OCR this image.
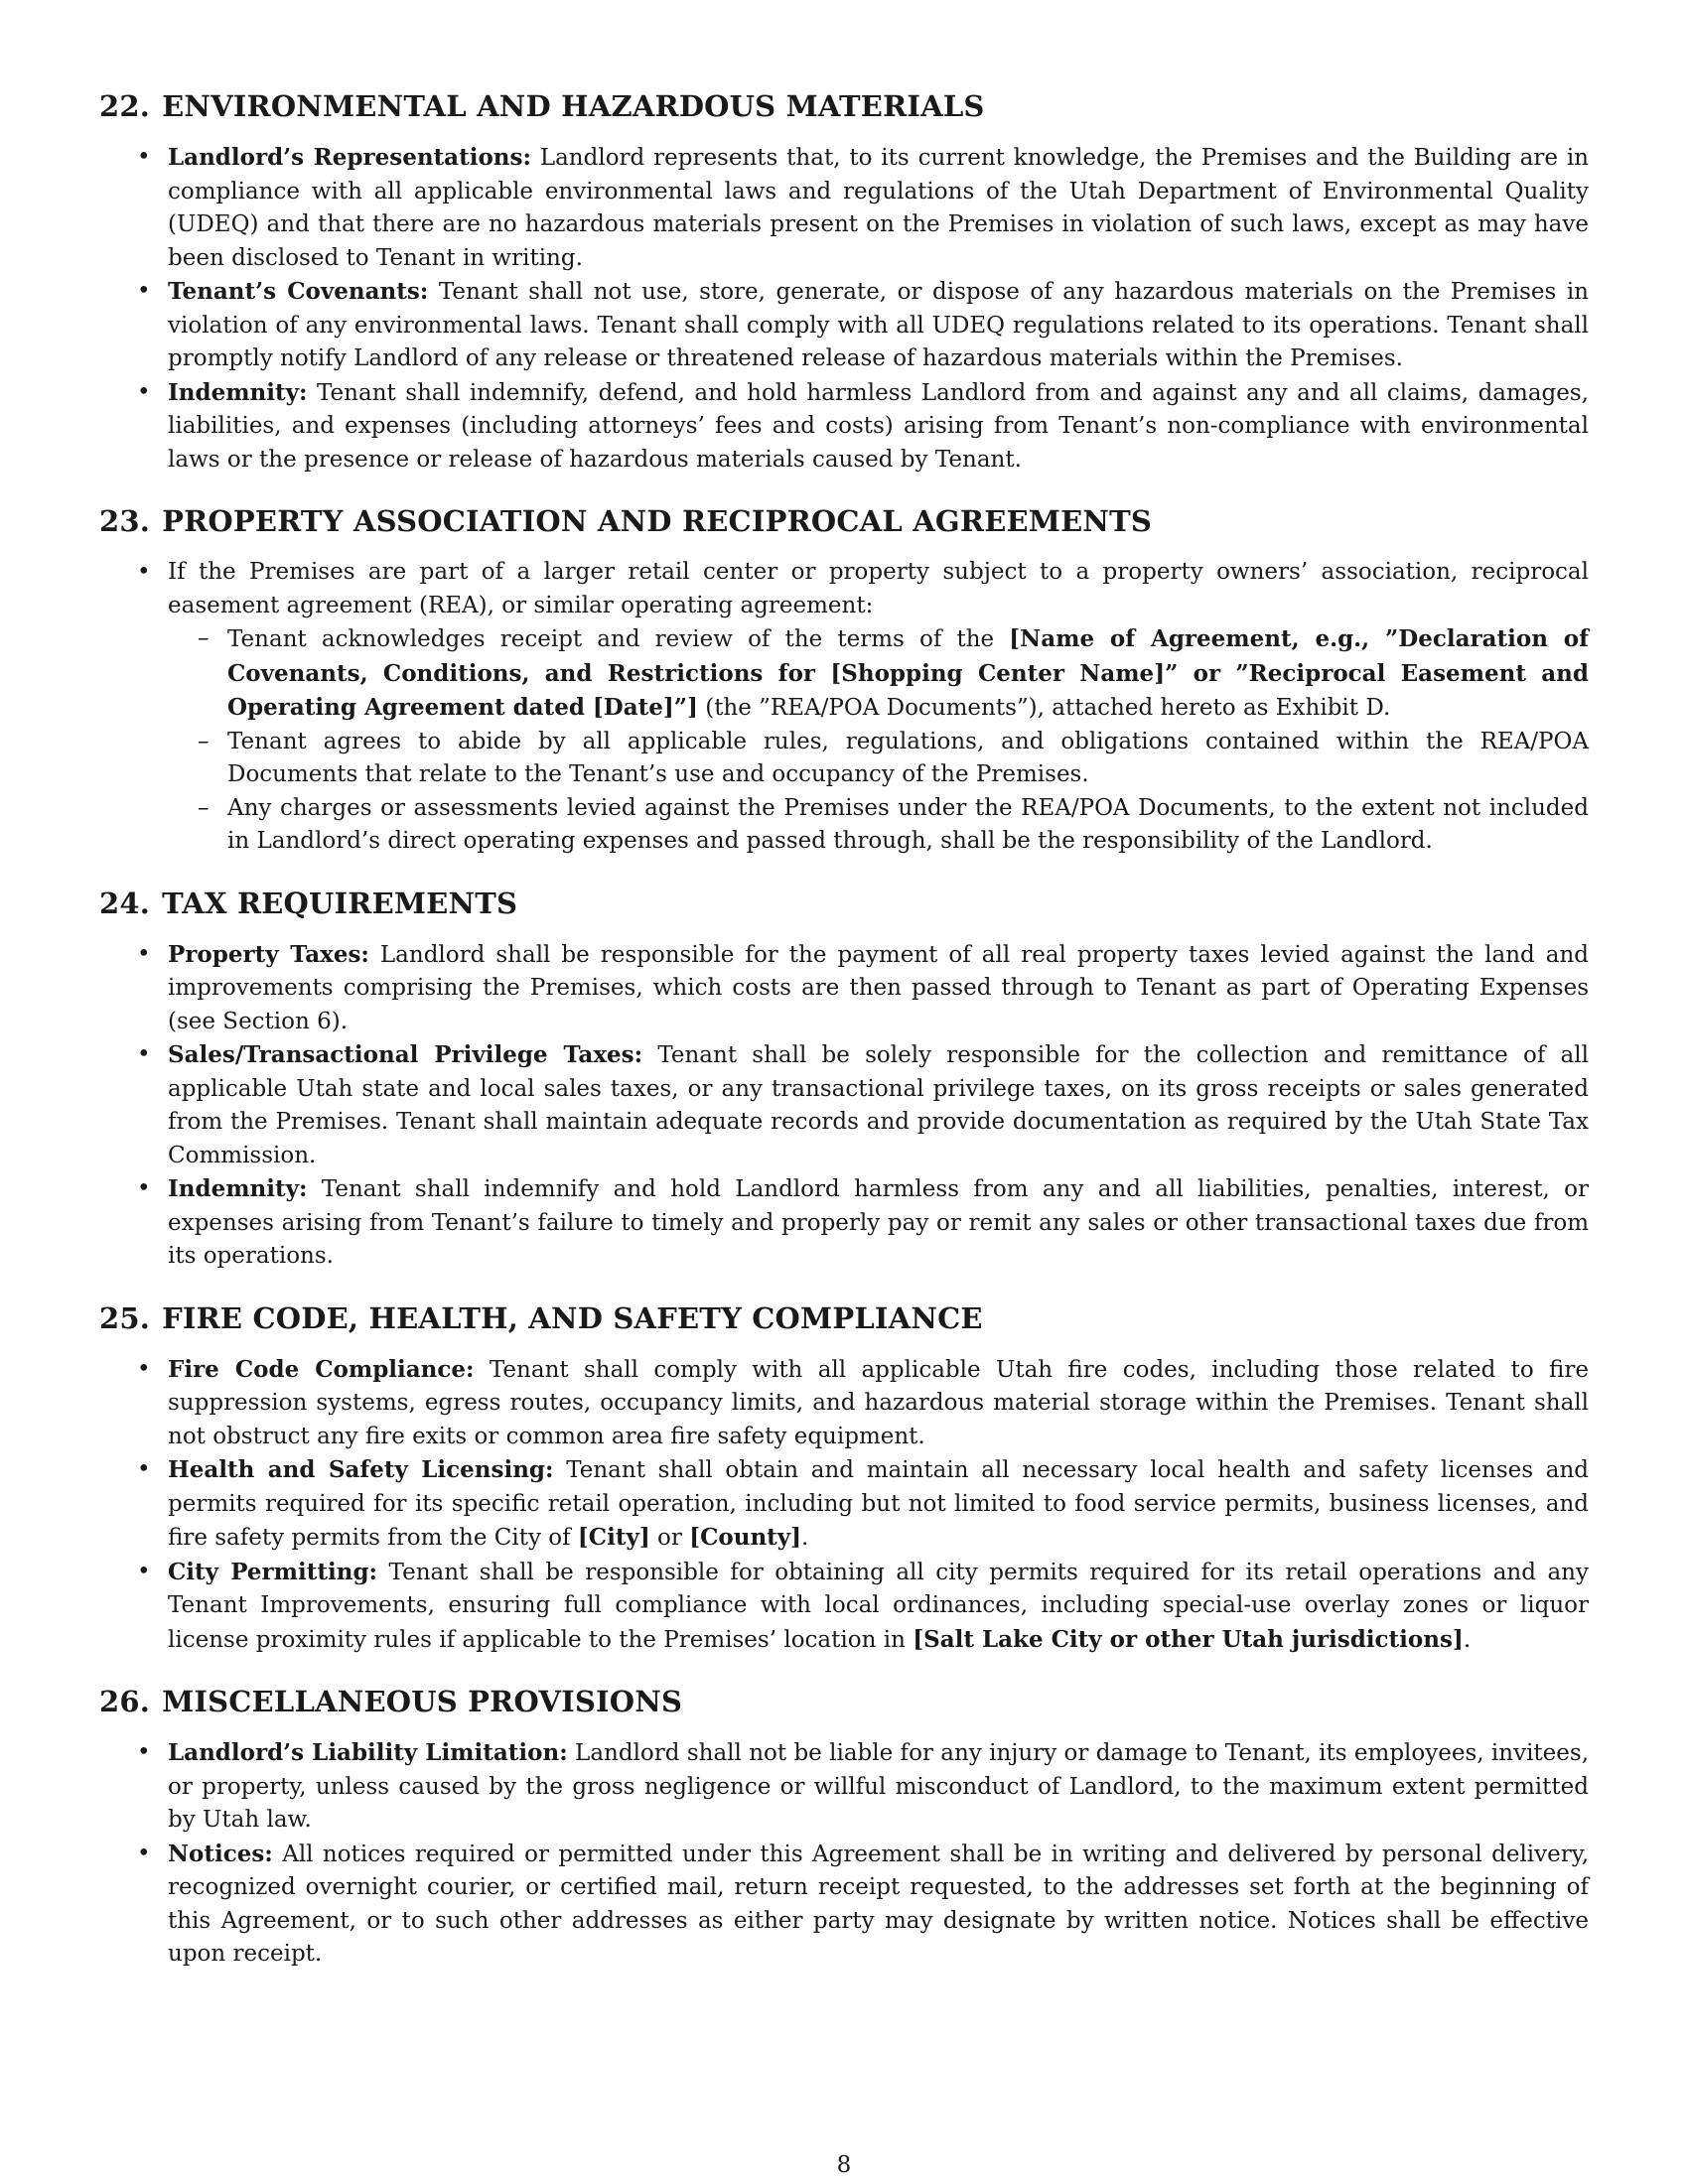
22. ENVIRONMENTAL AND HAZARDOUS MATERIALS
• Landlord’s Representations: Landlord represents that, to its current knowledge, the Premises and the Building are in compliance with all applicable environmental laws and regulations of the Utah Department of Environmental Quality (UDEQ) and that there are no hazardous materials present on the Premises in violation of such laws, except as may have been disclosed to Tenant in writing.
• Tenant’s Covenants: Tenant shall not use, store, generate, or dispose of any hazardous materials on the Premises in violation of any environmental laws. Tenant shall comply with all UDEQ regulations related to its operations. Tenant shall promptly notify Landlord of any release or threatened release of hazardous materials within the Premises.
• Indemnity: Tenant shall indemnify, defend, and hold harmless Landlord from and against any and all claims, damages, liabilities, and expenses (including attorneys’ fees and costs) arising from Tenant’s non-compliance with environmental laws or the presence or release of hazardous materials caused by Tenant.
23. PROPERTY ASSOCIATION AND RECIPROCAL AGREEMENTS
• If the Premises are part of a larger retail center or property subject to a property owners’ association, reciprocal easement agreement (REA), or similar operating agreement:
– Tenant acknowledges receipt and review of the terms of the [Name of Agreement, e.g., ”Declaration of Covenants, Conditions, and Restrictions for [Shopping Center Name]” or ”Reciprocal Easement and Operating Agreement dated [Date]”] (the ”REA/POA Documents”), attached hereto as Exhibit D.
– Tenant agrees to abide by all applicable rules, regulations, and obligations contained within the REA/POA Documents that relate to the Tenant’s use and occupancy of the Premises.
– Any charges or assessments levied against the Premises under the REA/POA Documents, to the extent not included in Landlord’s direct operating expenses and passed through, shall be the responsibility of the Landlord.
24. TAX REQUIREMENTS
• Property Taxes: Landlord shall be responsible for the payment of all real property taxes levied against the land and improvements comprising the Premises, which costs are then passed through to Tenant as part of Operating Expenses (see Section 6).
• Sales/Transactional Privilege Taxes: Tenant shall be solely responsible for the collection and remittance of all applicable Utah state and local sales taxes, or any transactional privilege taxes, on its gross receipts or sales generated from the Premises. Tenant shall maintain adequate records and provide documentation as required by the Utah State Tax Commission.
• Indemnity: Tenant shall indemnify and hold Landlord harmless from any and all liabilities, penalties, interest, or expenses arising from Tenant’s failure to timely and properly pay or remit any sales or other transactional taxes due from its operations.
25. FIRE CODE, HEALTH, AND SAFETY COMPLIANCE
• Fire Code Compliance: Tenant shall comply with all applicable Utah fire codes, including those related to fire suppression systems, egress routes, occupancy limits, and hazardous material storage within the Premises. Tenant shall not obstruct any fire exits or common area fire safety equipment.
• Health and Safety Licensing: Tenant shall obtain and maintain all necessary local health and safety licenses and permits required for its specific retail operation, including but not limited to food service permits, business licenses, and fire safety permits from the City of [City] or [County].
• City Permitting: Tenant shall be responsible for obtaining all city permits required for its retail operations and any Tenant Improvements, ensuring full compliance with local ordinances, including special-use overlay zones or liquor license proximity rules if applicable to the Premises’ location in [Salt Lake City or other Utah jurisdictions].
26. MISCELLANEOUS PROVISIONS
• Landlord’s Liability Limitation: Landlord shall not be liable for any injury or damage to Tenant, its employees, invitees, or property, unless caused by the gross negligence or willful misconduct of Landlord, to the maximum extent permitted by Utah law.
• Notices: All notices required or permitted under this Agreement shall be in writing and delivered by personal delivery, recognized overnight courier, or certified mail, return receipt requested, to the addresses set forth at the beginning of this Agreement, or to such other addresses as either party may designate by written notice. Notices shall be effective upon receipt.
8
